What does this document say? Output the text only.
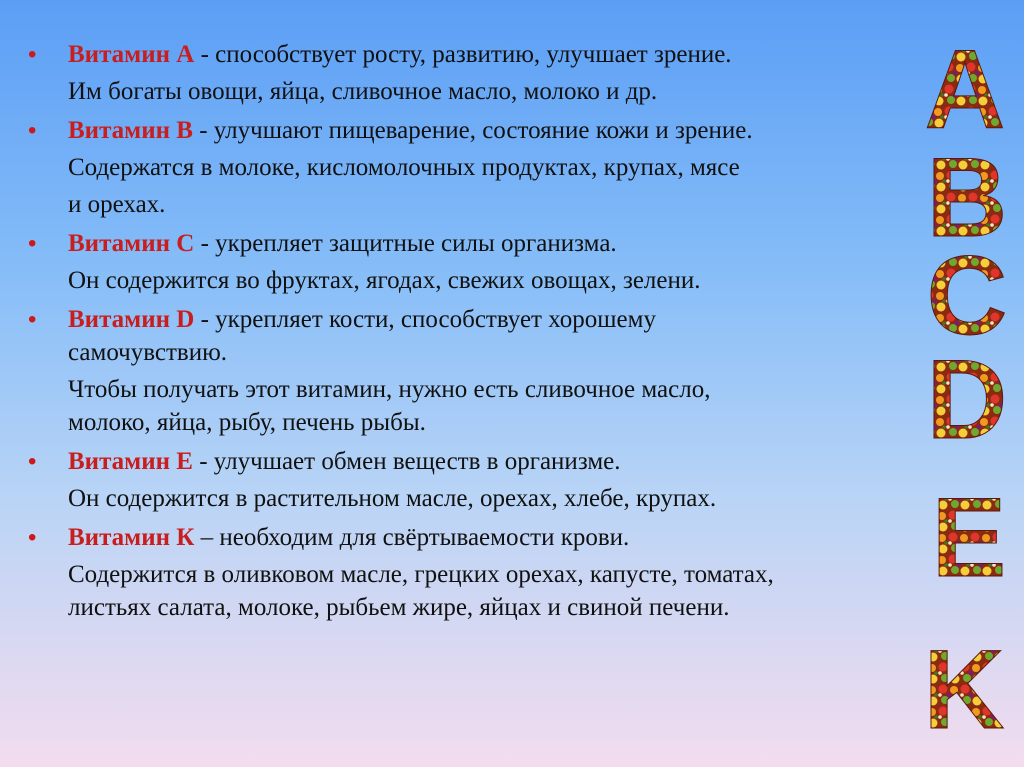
• Витамин А - способствует росту, развитию, улучшает зрение.
Им богаты овощи, яйца, сливочное масло, молоко и др.
• Витамин В - улучшают пищеварение, состояние кожи и зрение.
Содержатся в молоке, кисломолочных продуктах, крупах, мясе
и орехах.
• Витамин С - укрепляет защитные силы организма.
Он содержится во фруктах, ягодах, свежих овощах, зелени.
• Витамин D - укрепляет кости, способствует хорошему
самочувствию.
Чтобы получать этот витамин, нужно есть сливочное масло,
молоко, яйца, рыбу, печень рыбы.
• Витамин Е - улучшает обмен веществ в организме.
Он содержится в растительном масле, орехах, хлебе, крупах.
• Витамин К – необходим для свёртываемости крови.
Содержится в оливковом масле, грецких орехах, капусте, томатах,
листьях салата, молоке, рыбьем жире, яйцах и свиной печени.
A
B
C
D
E
K
